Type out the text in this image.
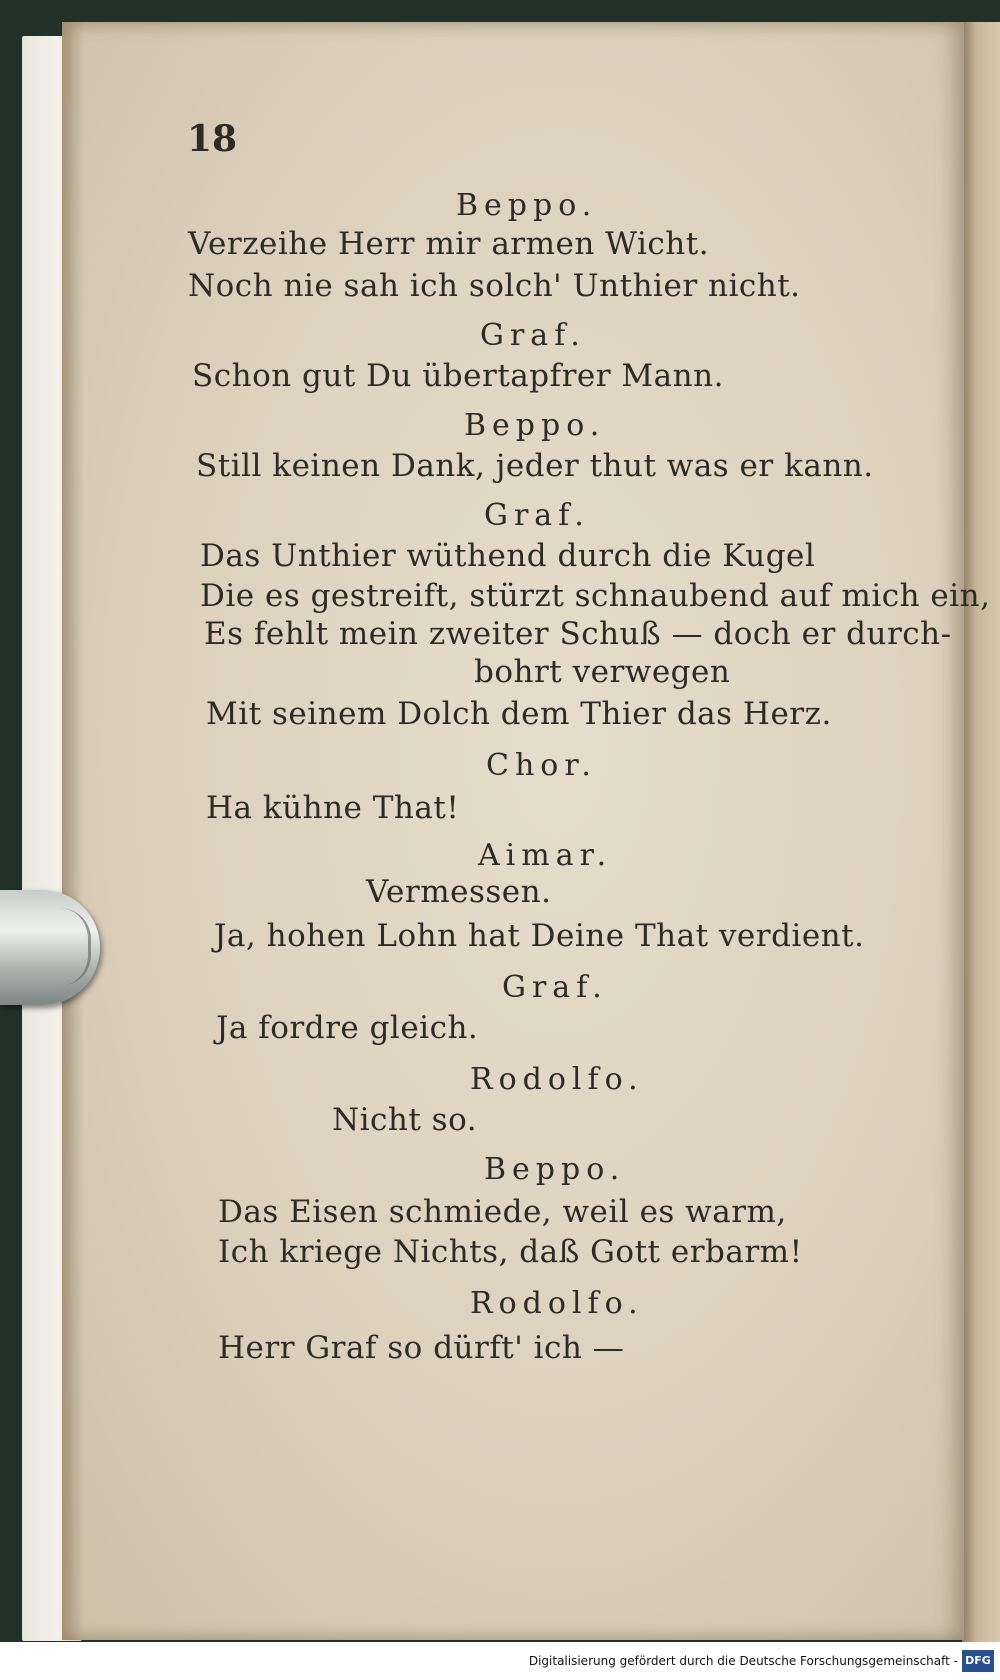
18
Beppo.
Verzeihe Herr mir armen Wicht.
Noch nie sah ich solch' Unthier nicht.
Graf.
Schon gut Du übertapfrer Mann.
Beppo.
Still keinen Dank, jeder thut was er kann.
Graf.
Das Unthier wüthend durch die Kugel
Die es gestreift, stürzt schnaubend auf mich ein,
Es fehlt mein zweiter Schuß — doch er durch-
bohrt verwegen
Mit seinem Dolch dem Thier das Herz.
Chor.
Ha kühne That!
Aimar.
Vermessen.
Ja, hohen Lohn hat Deine That verdient.
Graf.
Ja fordre gleich.
Rodolfo.
Nicht so.
Beppo.
Das Eisen schmiede, weil es warm,
Ich kriege Nichts, daß Gott erbarm!
Rodolfo.
Herr Graf so dürft' ich —
Digitalisierung gefördert durch die Deutsche Forschungsgemeinschaft - DFG
